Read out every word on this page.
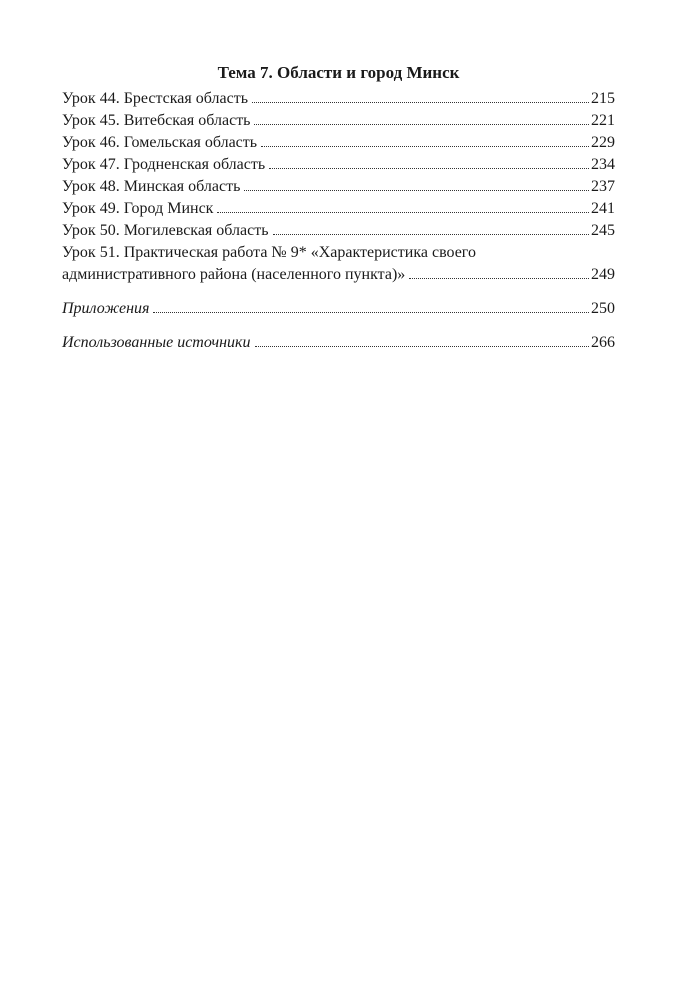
Тема 7. Области и город Минск
Урок 44. Брестская область	215
Урок 45. Витебская область	221
Урок 46. Гомельская область	229
Урок 47. Гродненская область	234
Урок 48. Минская область	237
Урок 49. Город Минск	241
Урок 50. Могилевская область	245
Урок 51. Практическая работа № 9* «Характеристика своего
административного района (населенного пункта)»	249
Приложения	250
Использованные источники	266
